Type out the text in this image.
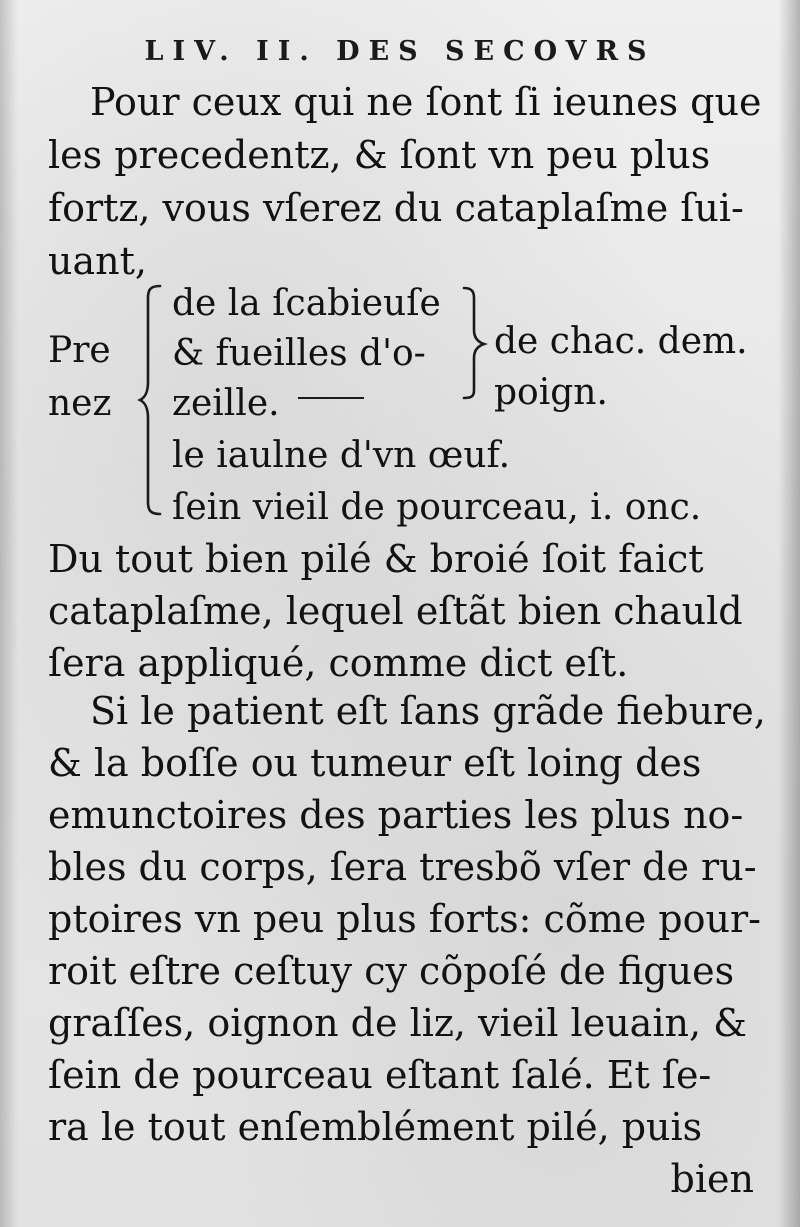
LIV. II. DES SECOVRS
Pour ceux qui ne ſont ſi ieunes que
les precedentz, & ſont vn peu plus
fortz, vous vſerez du cataplaſme ſui-
uant,
Pre
nez
de la ſcabieuſe
& fueilles d'o-
zeille.
le iaulne d'vn œuf.
ſein vieil de pourceau, i. onc.
de chac. dem.
poign.
Du tout bien pilé & broié ſoit faict
cataplaſme, lequel eſtãt bien chauld
ſera appliqué, comme dict eſt.
Si le patient eſt ſans grãde fiebure,
& la boſſe ou tumeur eſt loing des
emunctoires des parties les plus no-
bles du corps, ſera tresbõ vſer de ru-
ptoires vn peu plus forts: cõme pour-
roit eſtre ceſtuy cy cõpoſé de figues
graſſes, oignon de liz, vieil leuain, &
ſein de pourceau eſtant ſalé. Et ſe-
ra le tout enſemblément pilé, puis
bien
